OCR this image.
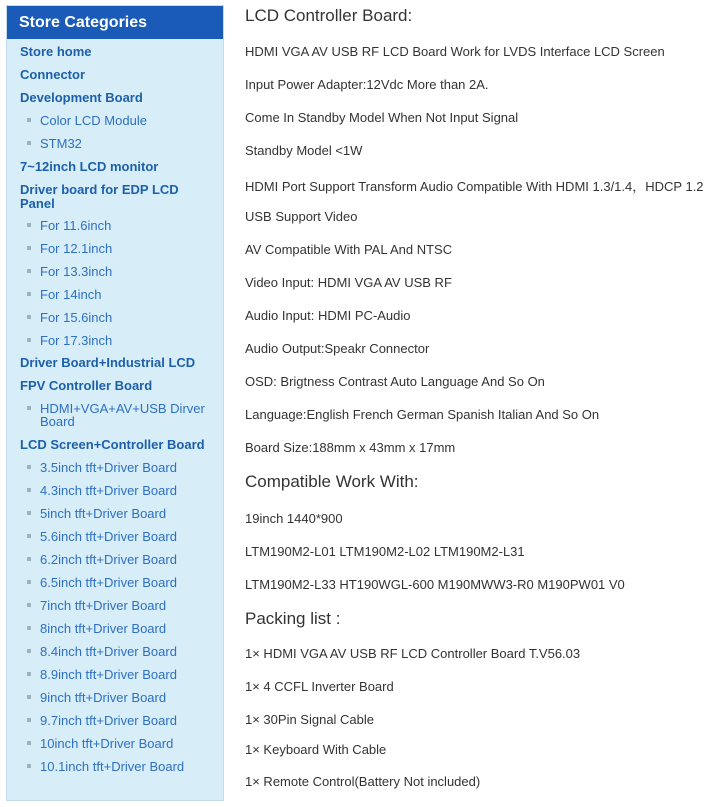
Store Categories
Store home
Connector
Development Board
Color LCD Module
STM32
7~12inch LCD monitor
Driver board for EDP LCD Panel
For 11.6inch
For 12.1inch
For 13.3inch
For 14inch
For 15.6inch
For 17.3inch
Driver Board+Industrial LCD
FPV Controller Board
HDMI+VGA+AV+USB Dirver Board
LCD Screen+Controller Board
3.5inch tft+Driver Board
4.3inch tft+Driver Board
5inch tft+Driver Board
5.6inch tft+Driver Board
6.2inch tft+Driver Board
6.5inch tft+Driver Board
7inch tft+Driver Board
8inch tft+Driver Board
8.4inch tft+Driver Board
8.9inch tft+Driver Board
9inch tft+Driver Board
9.7inch tft+Driver Board
10inch tft+Driver Board
10.1inch tft+Driver Board
LCD Controller Board:
HDMI VGA AV USB RF LCD Board Work for LVDS Interface LCD Screen
Input Power Adapter:12Vdc More than 2A.
Come In Standby Model When Not Input Signal
Standby Model <1W
HDMI Port Support Transform Audio Compatible With HDMI 1.3/1.4，HDCP 1.2
USB Support Video
AV Compatible With PAL And NTSC
Video Input: HDMI VGA AV USB RF
Audio Input: HDMI PC-Audio
Audio Output:Speakr Connector
OSD: Brigtness Contrast Auto Language And So On
Language:English French German Spanish Italian And So On
Board Size:188mm x 43mm x 17mm
Compatible Work With:
19inch 1440*900
LTM190M2-L01 LTM190M2-L02 LTM190M2-L31
LTM190M2-L33 HT190WGL-600 M190MWW3-R0 M190PW01 V0
Packing list :
1× HDMI VGA AV USB RF LCD Controller Board T.V56.03
1× 4 CCFL Inverter Board
1× 30Pin Signal Cable
1× Keyboard With Cable
1× Remote Control(Battery Not included)
